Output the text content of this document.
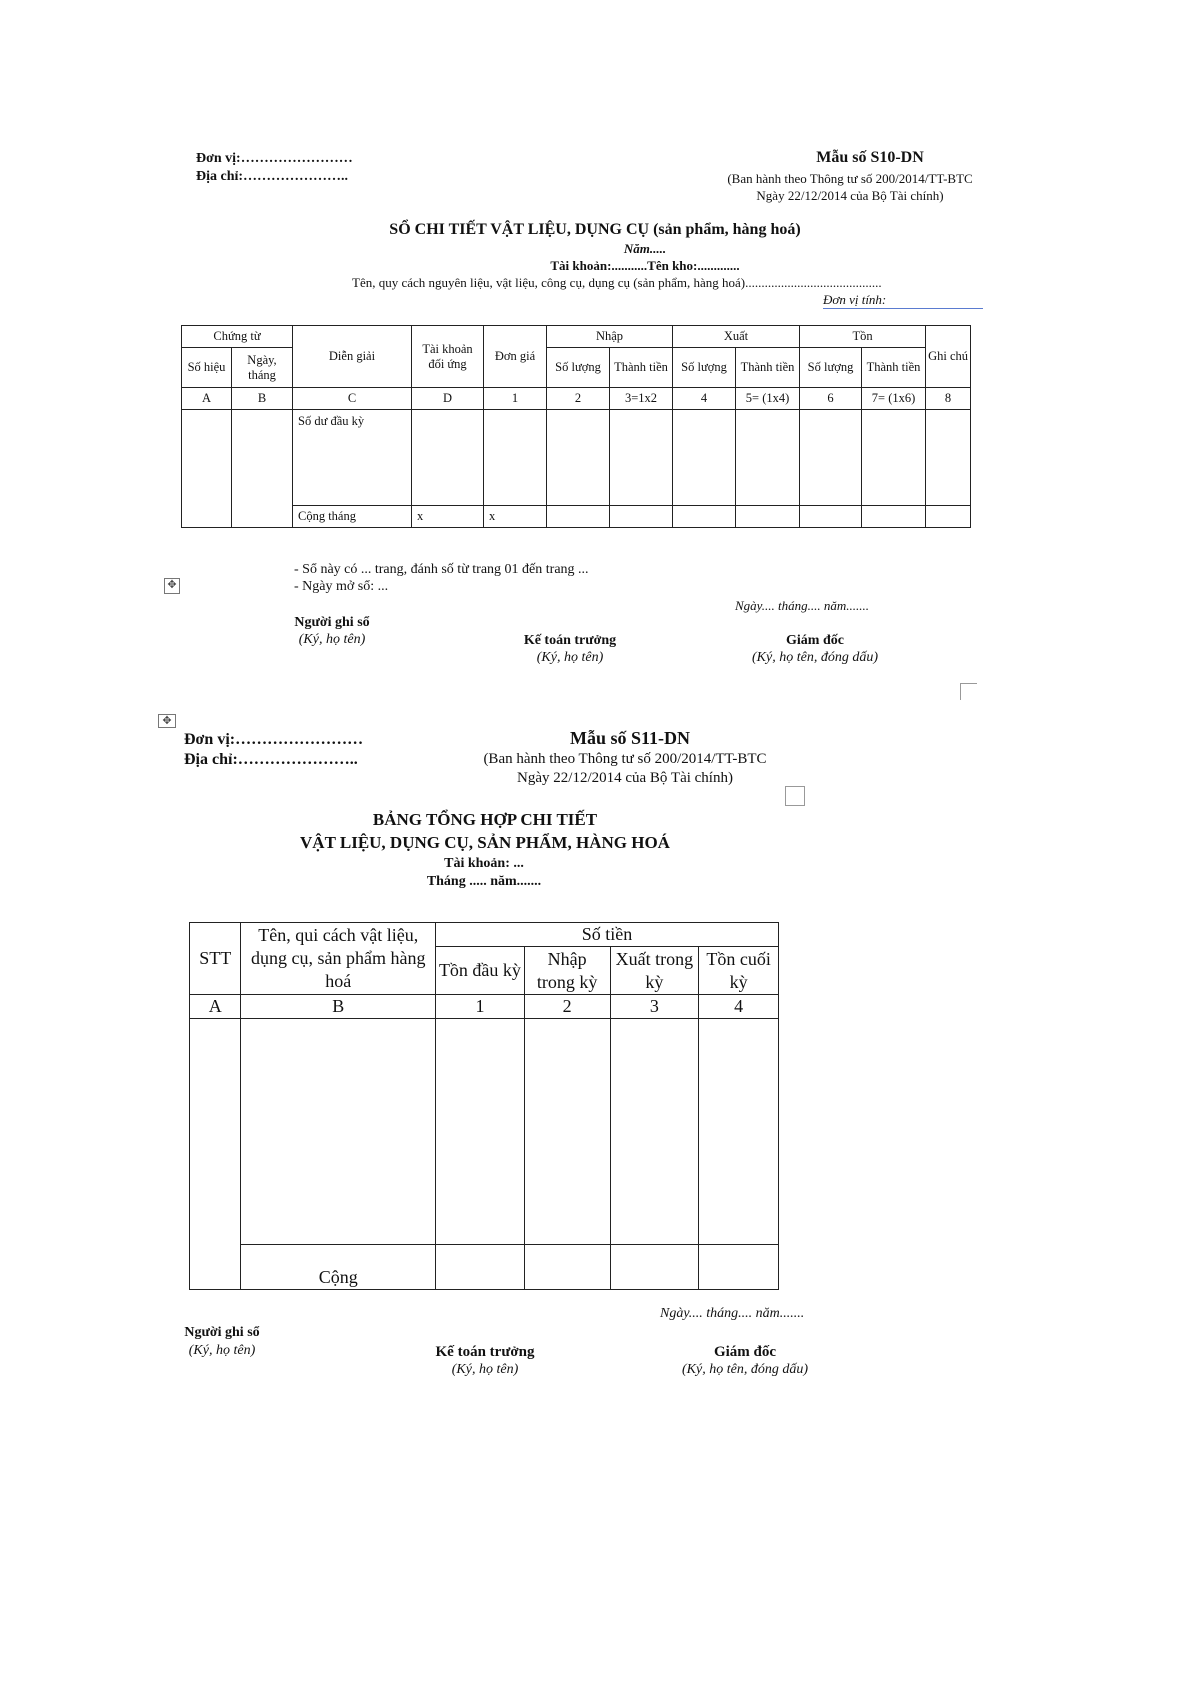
Đơn vị:……………………
Địa chỉ:…………………..
Mẫu số S10-DN
(Ban hành theo Thông tư số 200/2014/TT-BTC
Ngày 22/12/2014 của Bộ Tài chính)
SỔ CHI TIẾT VẬT LIỆU, DỤNG CỤ (sản phẩm, hàng hoá)
Năm.....
Tài khoản:...........Tên kho:.............
Tên, quy cách nguyên liệu, vật liệu, công cụ, dụng cụ (sản phẩm, hàng hoá)..........................................
Đơn vị tính:
Chứng từ		Diễn giải	Tài khoản đối ứng	Đơn giá	Nhập		Xuất		Tồn		Ghi chú
Số hiệu	Ngày, tháng				Số lượng	Thành tiền	Số lượng	Thành tiền	Số lượng	Thành tiền	
A	B	C	D	1	2	3=1x2	4	5= (1x4)	6	7= (1x6)	8
		Số dư đầu kỳ									
		Cộng tháng	x	x							
- Sổ này có ... trang, đánh số từ trang 01 đến trang ...
- Ngày mở sổ: ...
✥
Ngày.... tháng.... năm.......
Người ghi sổ
(Ký, họ tên)	Kế toán trưởng
(Ký, họ tên)
Giám đốc
(Ký, họ tên, đóng dấu)
✥
Đơn vị:……………………
Địa chỉ:…………………..
Mẫu số S11-DN
(Ban hành theo Thông tư số 200/2014/TT-BTC
Ngày 22/12/2014 của Bộ Tài chính)
BẢNG TỔNG HỢP CHI TIẾT
VẬT LIỆU, DỤNG CỤ, SẢN PHẨM, HÀNG HOÁ
Tài khoản: ...
Tháng ..... năm.......
STT	Tên, qui cách vật liệu, dụng cụ, sản phẩm hàng hoá	Số tiền			
		Tồn đầu kỳ	Nhập trong kỳ	Xuất trong kỳ	Tồn cuối kỳ
A	B	1	2	3	4

	Cộng				
Ngày.... tháng.... năm.......
Người ghi sổ
(Ký, họ tên)	Kế toán trưởng
(Ký, họ tên)
Giám đốc
(Ký, họ tên, đóng dấu)
